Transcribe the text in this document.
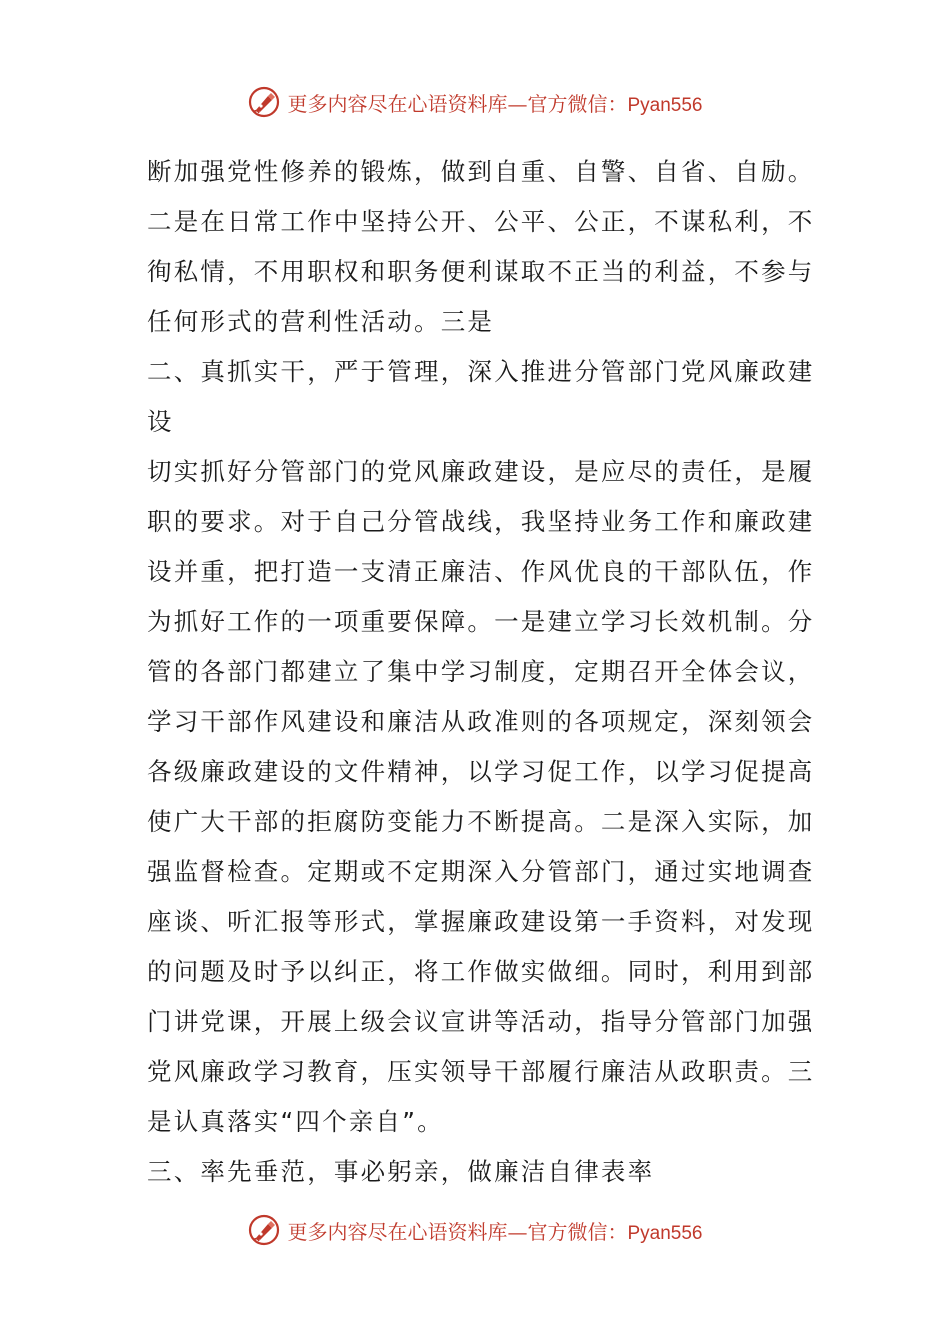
更多内容尽在心语资料库—官方微信：Pyan556
断加强党性修养的锻炼，做到自重、自警、自省、自励。
二是在日常工作中坚持公开、公平、公正，不谋私利，不
徇私情，不用职权和职务便利谋取不正当的利益，不参与
任何形式的营利性活动。三是
二、真抓实干，严于管理，深入推进分管部门党风廉政建
设
切实抓好分管部门的党风廉政建设，是应尽的责任，是履
职的要求。对于自己分管战线，我坚持业务工作和廉政建
设并重，把打造一支清正廉洁、作风优良的干部队伍，作
为抓好工作的一项重要保障。一是建立学习长效机制。分
管的各部门都建立了集中学习制度，定期召开全体会议，
学习干部作风建设和廉洁从政准则的各项规定，深刻领会
各级廉政建设的文件精神，以学习促工作，以学习促提高
使广大干部的拒腐防变能力不断提高。二是深入实际，加
强监督检查。定期或不定期深入分管部门，通过实地调查
座谈、听汇报等形式，掌握廉政建设第一手资料，对发现
的问题及时予以纠正，将工作做实做细。同时，利用到部
门讲党课，开展上级会议宣讲等活动，指导分管部门加强
党风廉政学习教育，压实领导干部履行廉洁从政职责。三
是认真落实“四个亲自”。
三、率先垂范，事必躬亲，做廉洁自律表率
更多内容尽在心语资料库—官方微信：Pyan556
